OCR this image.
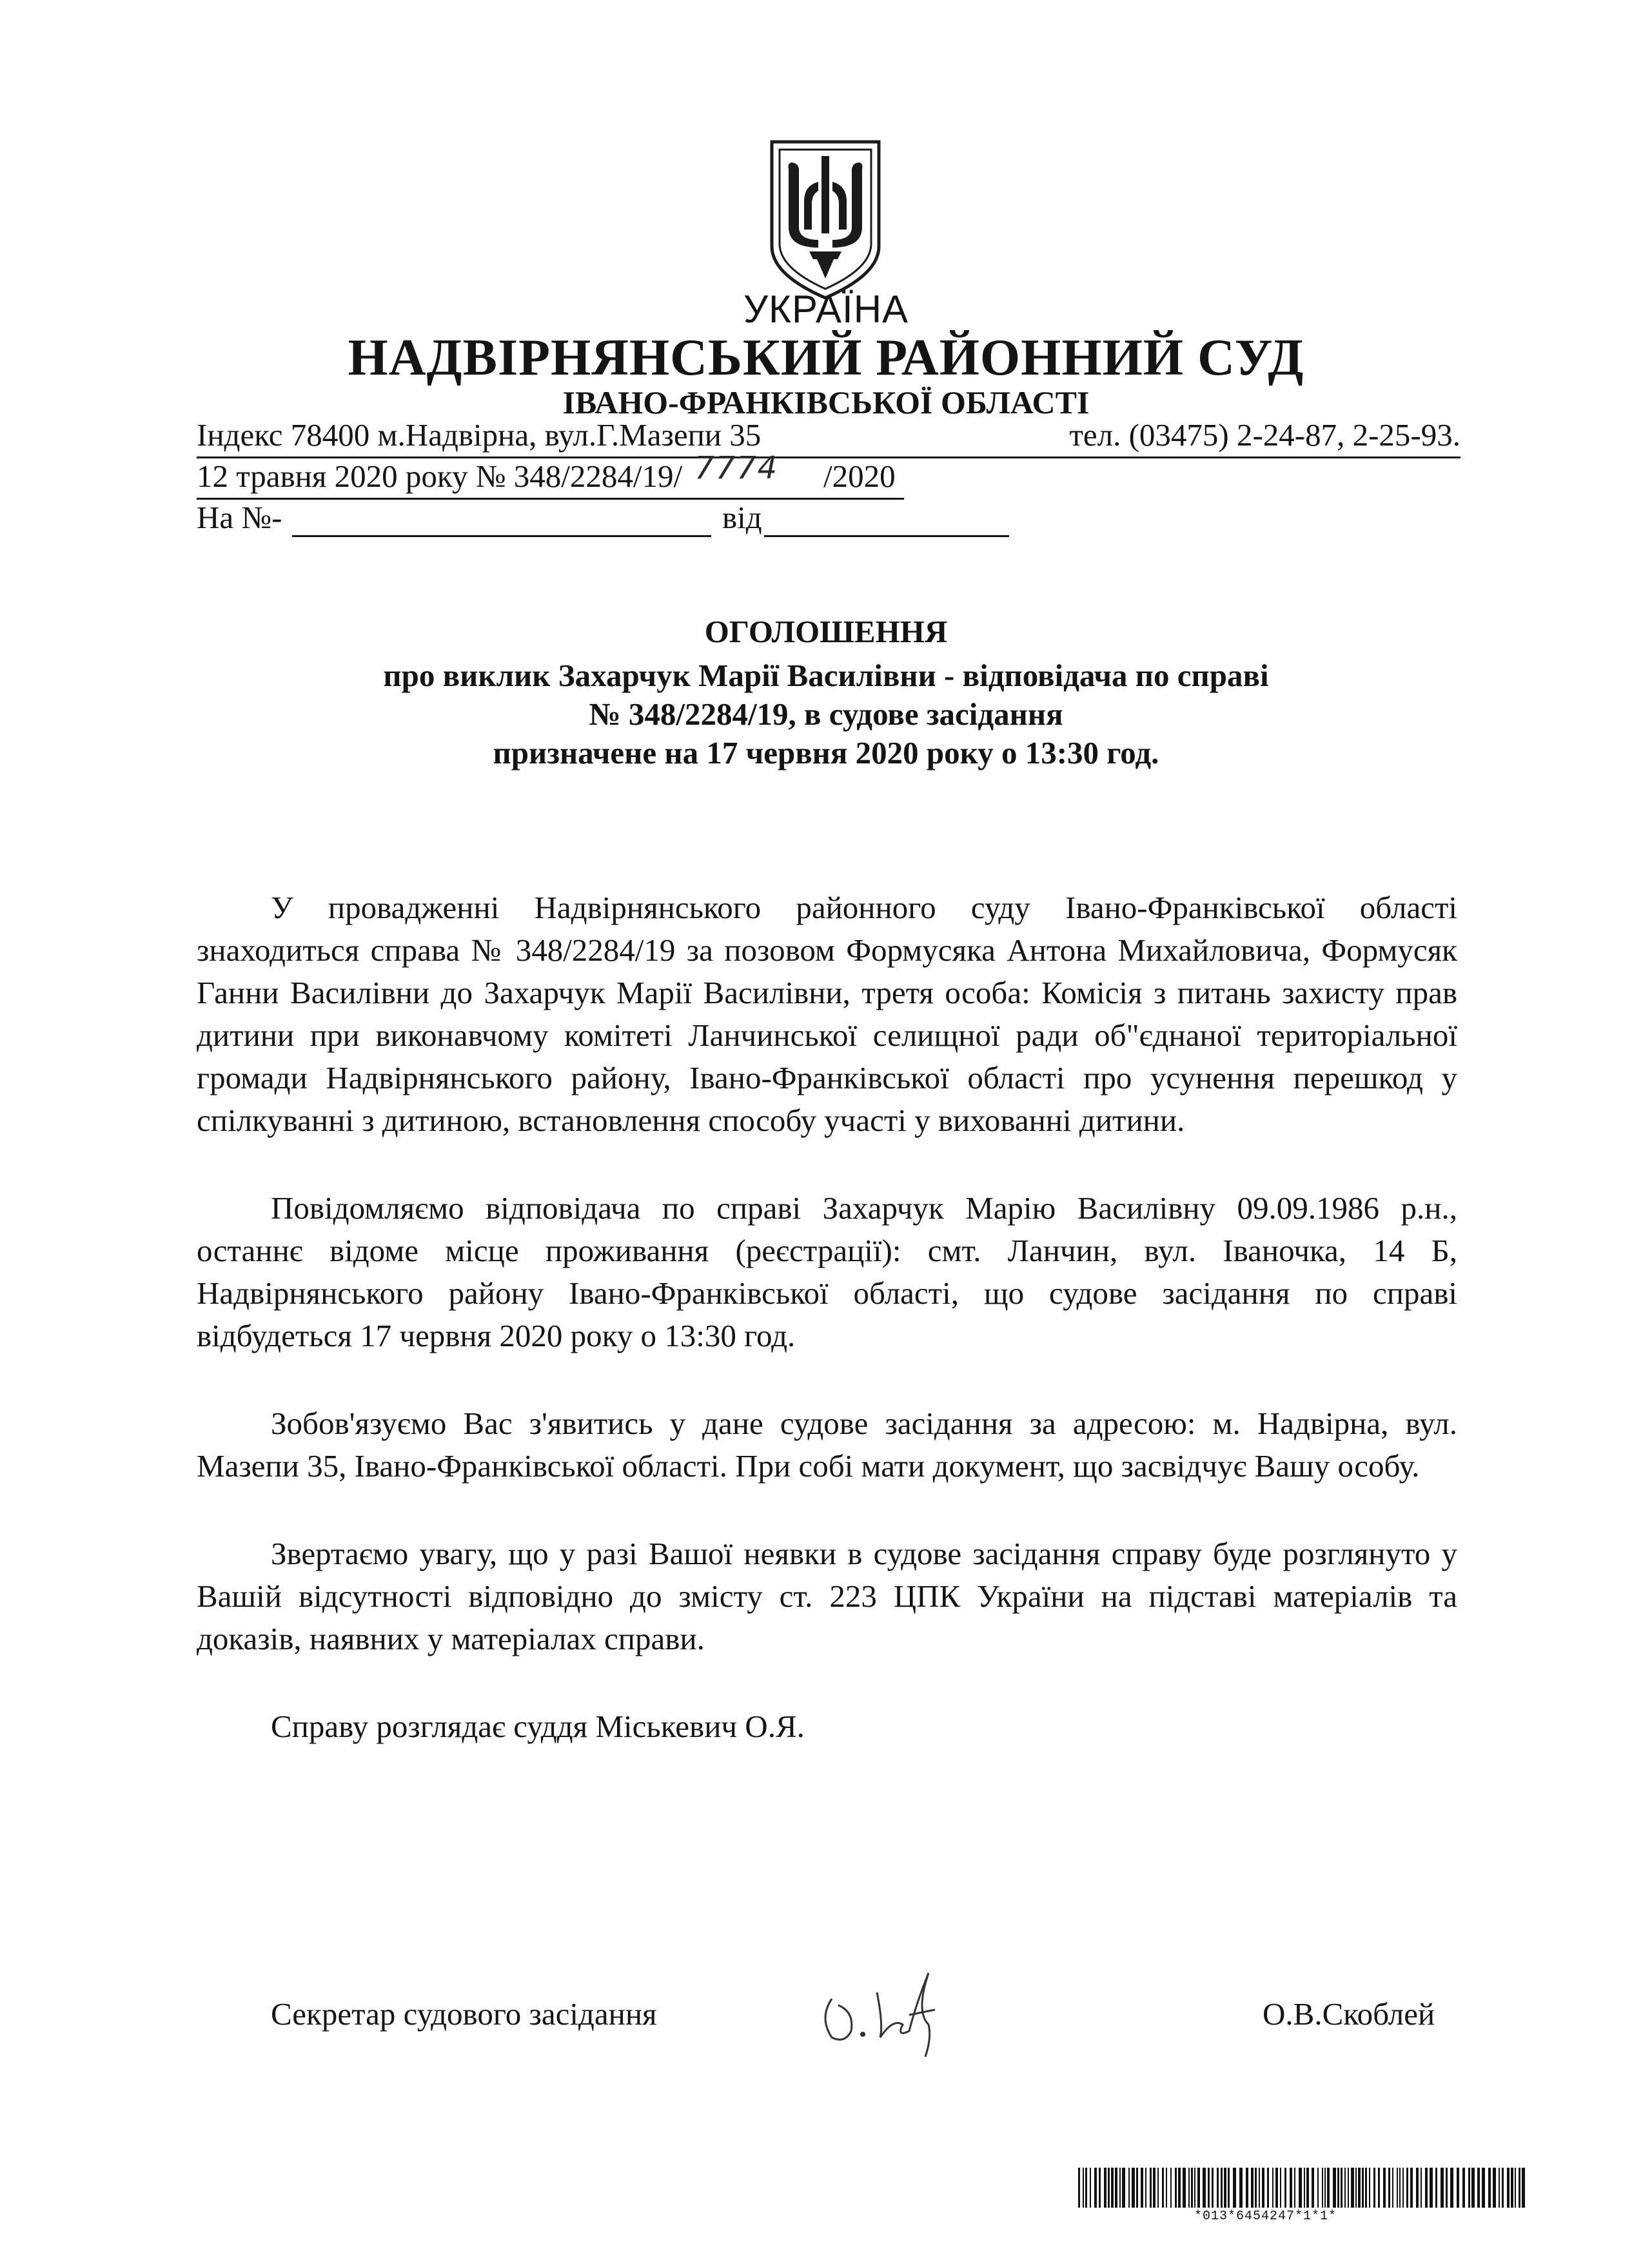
УКРАЇНА
НАДВІРНЯНСЬКИЙ РАЙОННИЙ СУД
ІВАНО-ФРАНКІВСЬКОЇ ОБЛАСТІ
Індекс 78400 м.Надвірна, вул.Г.Мазепи 35	тел. (03475) 2-24-87, 2-25-93.
12 травня 2020 року № 348/2284/19/ 7774 /2020
На №-	від
ОГОЛОШЕННЯ
про виклик Захарчук Марії Василівни - відповідача по справі
№ 348/2284/19, в судове засідання
призначене на 17 червня 2020 року о 13:30 год.

У провадженні Надвірнянського районного суду Івано-Франківської області знаходиться справа № 348/2284/19 за позовом Формусяка Антона Михайловича, Формусяк Ганни Василівни до Захарчук Марії Василівни, третя особа: Комісія з питань захисту прав дитини при виконавчому комітеті Ланчинської селищної ради об"єднаної територіальної громади Надвірнянського району, Івано-Франківської області про усунення перешкод у спілкуванні з дитиною, встановлення способу участі у вихованні дитини.

Повідомляємо відповідача по справі Захарчук Марію Василівну 09.09.1986 р.н., останнє відоме місце проживання (реєстрації): смт. Ланчин, вул. Іваночка, 14 Б, Надвірнянського району Івано-Франківської області, що судове засідання по справі відбудеться 17 червня 2020 року о 13:30 год.

Зобов'язуємо Вас з'явитись у дане судове засідання за адресою: м. Надвірна, вул. Мазепи 35, Івано-Франківської області. При собі мати документ, що засвідчує Вашу особу.

Звертаємо увагу, що у разі Вашої неявки в судове засідання справу буде розглянуто у Вашій відсутності відповідно до змісту ст. 223 ЦПК України на підставі матеріалів та доказів, наявних у матеріалах справи.

Справу розглядає суддя Міськевич О.Я.

Секретар судового засідання	О.В.Скоблей
*013*6454247*1*1*
